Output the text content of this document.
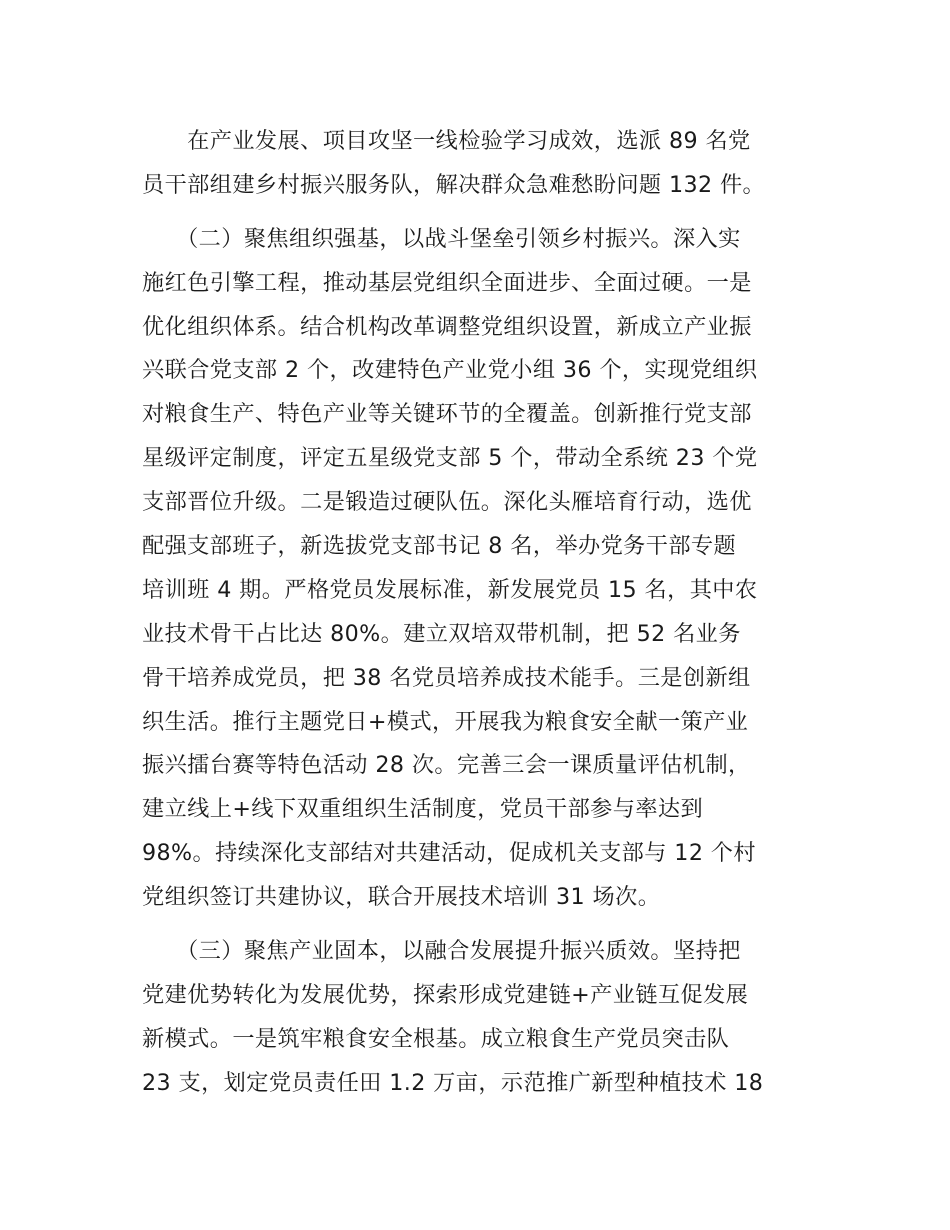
　　在产业发展、项目攻坚一线检验学习成效，选派 89 名党
员干部组建乡村振兴服务队，解决群众急难愁盼问题 132 件。
　　（二）聚焦组织强基，以战斗堡垒引领乡村振兴。深入实
施红色引擎工程，推动基层党组织全面进步、全面过硬。一是
优化组织体系。结合机构改革调整党组织设置，新成立产业振
兴联合党支部 2 个，改建特色产业党小组 36 个，实现党组织
对粮食生产、特色产业等关键环节的全覆盖。创新推行党支部
星级评定制度，评定五星级党支部 5 个，带动全系统 23 个党
支部晋位升级。二是锻造过硬队伍。深化头雁培育行动，选优
配强支部班子，新选拔党支部书记 8 名，举办党务干部专题
培训班 4 期。严格党员发展标准，新发展党员 15 名，其中农
业技术骨干占比达 80%。建立双培双带机制，把 52 名业务
骨干培养成党员，把 38 名党员培养成技术能手。三是创新组
织生活。推行主题党日+模式，开展我为粮食安全献一策产业
振兴擂台赛等特色活动 28 次。完善三会一课质量评估机制，
建立线上+线下双重组织生活制度，党员干部参与率达到
98%。持续深化支部结对共建活动，促成机关支部与 12 个村
党组织签订共建协议，联合开展技术培训 31 场次。
　　（三）聚焦产业固本，以融合发展提升振兴质效。坚持把
党建优势转化为发展优势，探索形成党建链+产业链互促发展
新模式。一是筑牢粮食安全根基。成立粮食生产党员突击队
23 支，划定党员责任田 1.2 万亩，示范推广新型种植技术 18
